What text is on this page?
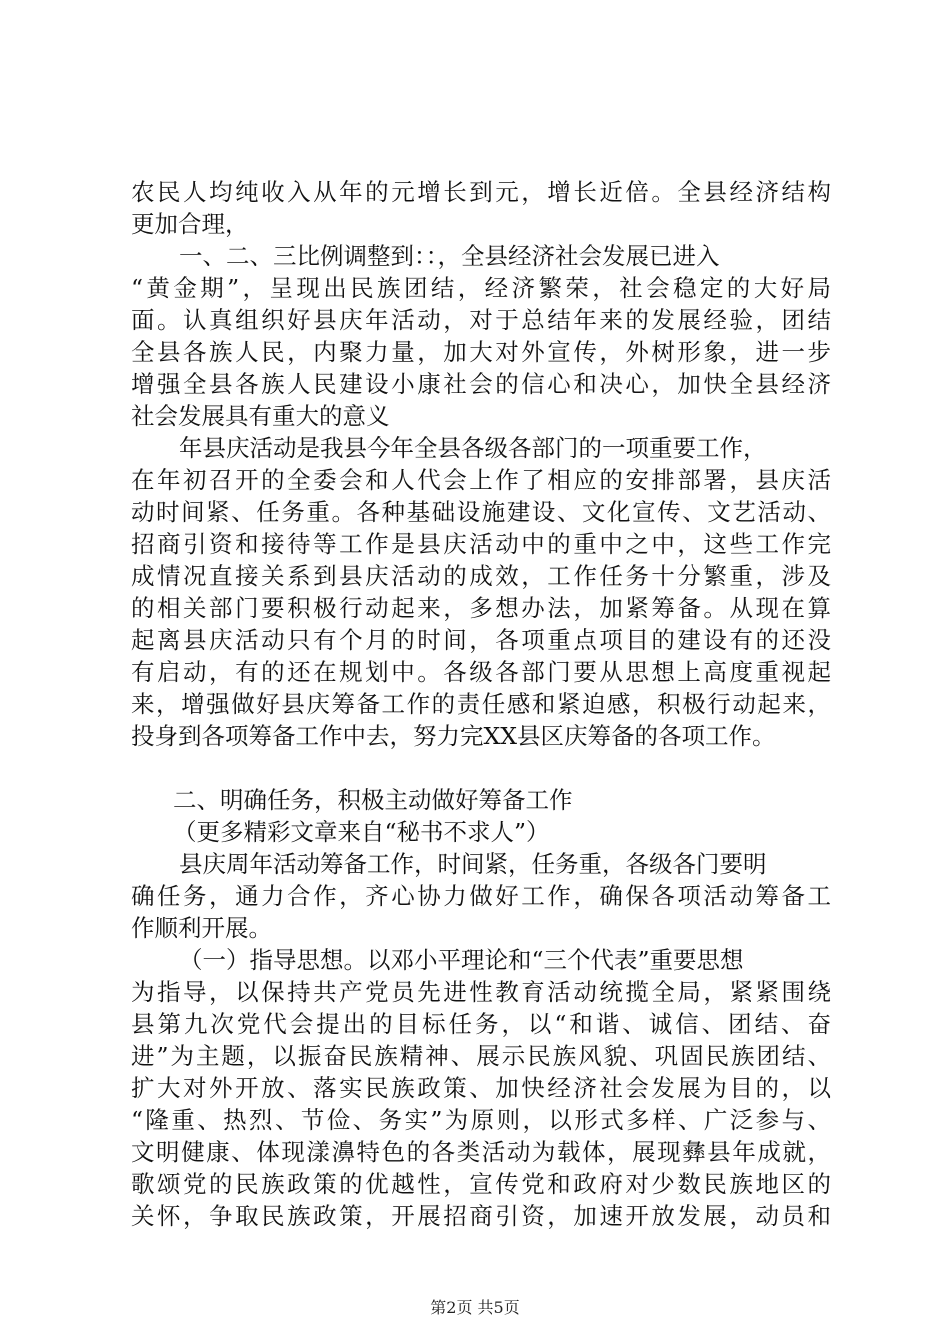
农民人均纯收入从年的元增长到元，增长近倍。全县经济结构
更加合理，
一、二、三比例调整到：：，全县经济社会发展已进入
“黄金期”，呈现出民族团结，经济繁荣，社会稳定的大好局
面。认真组织好县庆年活动，对于总结年来的发展经验，团结
全县各族人民，内聚力量，加大对外宣传，外树形象，进一步
增强全县各族人民建设小康社会的信心和决心，加快全县经济
社会发展具有重大的意义
年县庆活动是我县今年全县各级各部门的一项重要工作，
在年初召开的全委会和人代会上作了相应的安排部署，县庆活
动时间紧、任务重。各种基础设施建设、文化宣传、文艺活动、
招商引资和接待等工作是县庆活动中的重中之中，这些工作完
成情况直接关系到县庆活动的成效，工作任务十分繁重，涉及
的相关部门要积极行动起来，多想办法，加紧筹备。从现在算
起离县庆活动只有个月的时间，各项重点项目的建设有的还没
有启动，有的还在规划中。各级各部门要从思想上高度重视起
来，增强做好县庆筹备工作的责任感和紧迫感，积极行动起来，
投身到各项筹备工作中去，努力完XX县区庆筹备的各项工作。
二、明确任务，积极主动做好筹备工作
（更多精彩文章来自“秘书不求人”）
县庆周年活动筹备工作，时间紧，任务重，各级各门要明
确任务，通力合作，齐心协力做好工作，确保各项活动筹备工
作顺利开展。
（一）指导思想。以邓小平理论和“三个代表”重要思想
为指导，以保持共产党员先进性教育活动统揽全局，紧紧围绕
县第九次党代会提出的目标任务，以“和谐、诚信、团结、奋
进”为主题，以振奋民族精神、展示民族风貌、巩固民族团结、
扩大对外开放、落实民族政策、加快经济社会发展为目的，以
“隆重、热烈、节俭、务实”为原则，以形式多样、广泛参与、
文明健康、体现漾濞特色的各类活动为载体，展现彝县年成就，
歌颂党的民族政策的优越性，宣传党和政府对少数民族地区的
关怀，争取民族政策，开展招商引资，加速开放发展，动员和
第2页 共5页
